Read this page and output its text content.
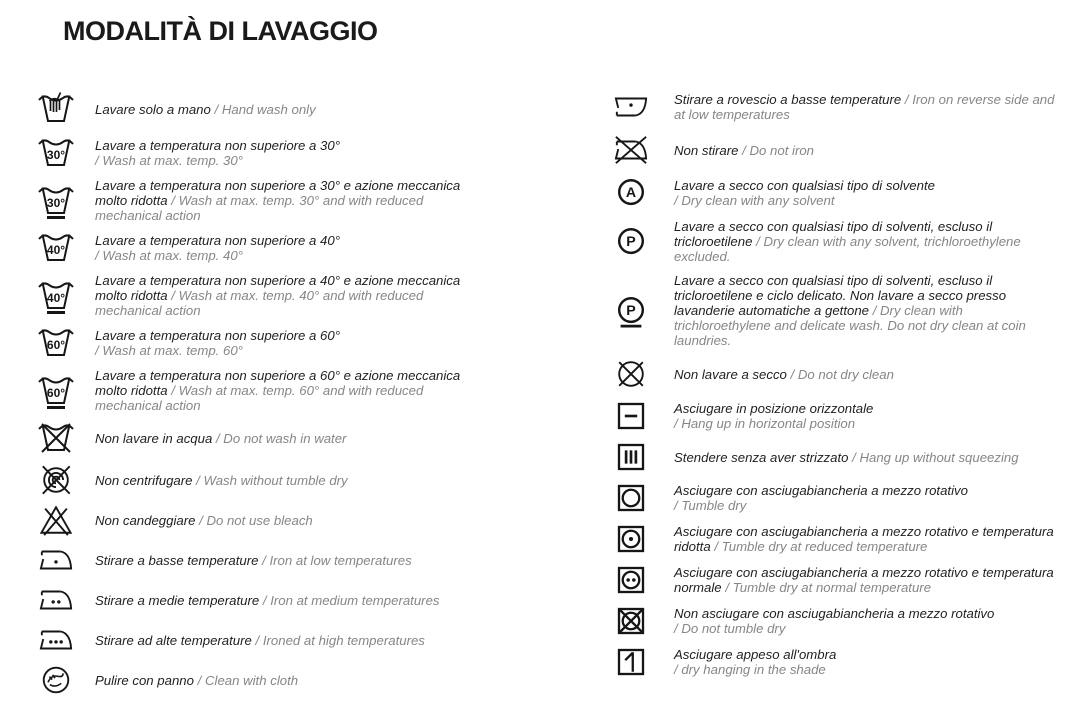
MODALITÀ DI LAVAGGIO

Lavare solo a mano / Hand wash only

30°

Lavare a temperatura non superiore a 30°
/ Wash at max. temp. 30°

30°

Lavare a temperatura non superiore a 30° e azione meccanica molto ridotta / Wash at max. temp. 30° and with reduced mechanical action

40°

Lavare a temperatura non superiore a 40°
/ Wash at max. temp. 40°

40°

Lavare a temperatura non superiore a 40° e azione meccanica molto ridotta / Wash at max. temp. 40° and with reduced mechanical action

60°

Lavare a temperatura non superiore a 60°
/ Wash at max. temp. 60°

60°

Lavare a temperatura non superiore a 60° e azione meccanica molto ridotta / Wash at max. temp. 60° and with reduced mechanical action

Non lavare in acqua / Do not wash in water

Non centrifugare / Wash without tumble dry

Non candeggiare / Do not use bleach

Stirare a basse temperature / Iron at low temperatures

Stirare a medie temperature / Iron at medium temperatures

Stirare ad alte temperature / Ironed at high temperatures

Pulire con panno / Clean with cloth

Stirare a rovescio a basse temperature / Iron on reverse side and at low temperatures

Non stirare / Do not iron

A	Lavare a secco con qualsiasi tipo di solvente
/ Dry clean with any solvent

P

Lavare a secco con qualsiasi tipo di solventi, escluso il tricloroetilene / Dry clean with any solvent, trichloroethylene excluded.

P

Lavare a secco con qualsiasi tipo di solventi, escluso il tricloroetilene e ciclo delicato. Non lavare a secco presso lavanderie automatiche a gettone / Dry clean with trichloroethylene and delicate wash. Do not dry clean at coin laundries.

Non lavare a secco / Do not dry clean

Asciugare in posizione orizzontale
/ Hang up in horizontal position

Stendere senza aver strizzato / Hang up without squeezing

Asciugare con asciugabiancheria a mezzo rotativo
/ Tumble dry

Asciugare con asciugabiancheria a mezzo rotativo e temperatura ridotta / Tumble dry at reduced temperature

Asciugare con asciugabiancheria a mezzo rotativo e temperatura normale / Tumble dry at normal temperature

Non asciugare con asciugabiancheria a mezzo rotativo
/ Do not tumble dry

Asciugare appeso all'ombra
/ dry hanging in the shade
